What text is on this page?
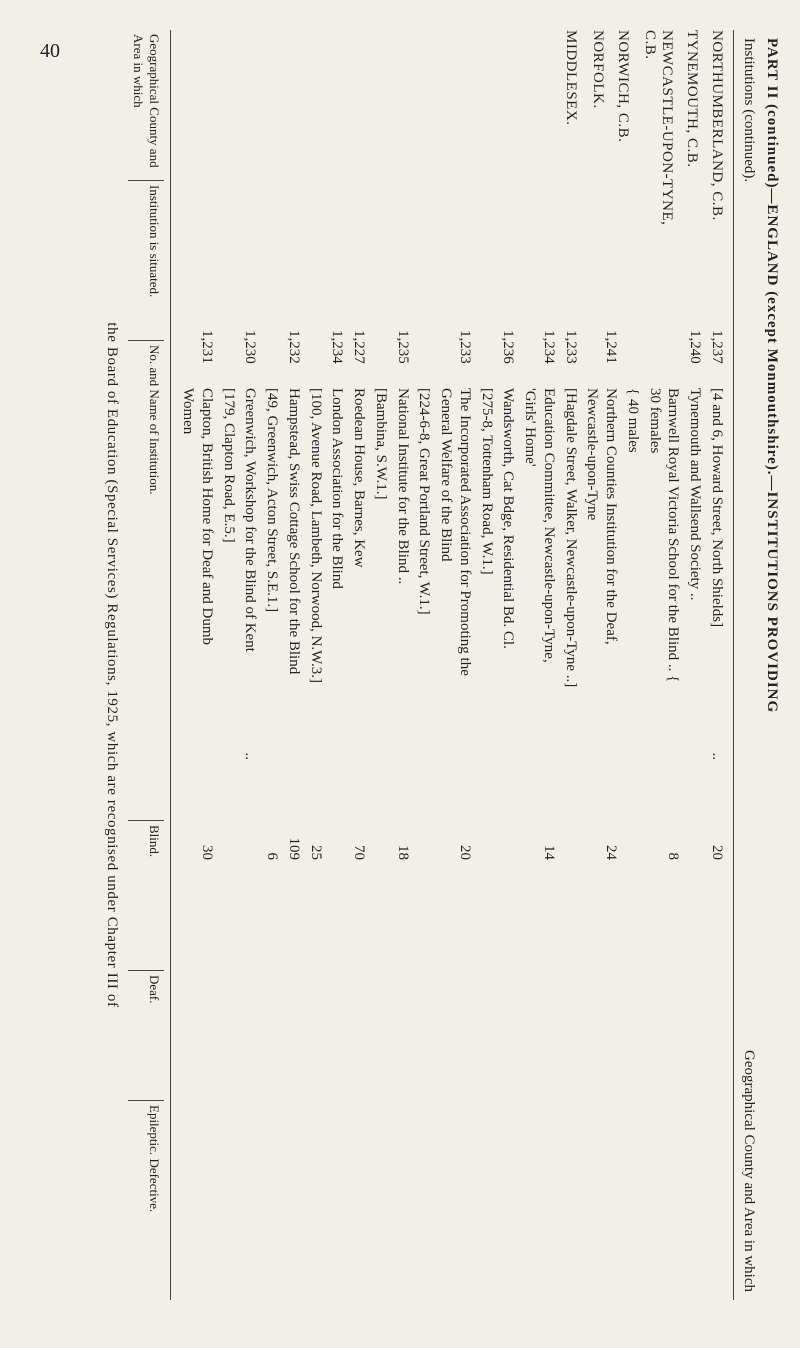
40	PART II (continued)—ENGLAND (except Monmouthshire).—INSTITUTIONS PROVIDING
Institutions (continued).
Geographical County and Area in which
NORTHUMBERLAND, C.B.
TYNEMOUTH, C.B.
NEWCASTLE-UPON-TYNE, C.B.
NORWICH, C.B.
NORFOLK.
MIDDLESEX.
1,237
[4 and 6, Howard Street, North Shields]
..
20
1,240
Tynemouth and Wallsend Society ..
Barnwell Royal Victoria School for the Blind .. { 30 females
8
{ 40 males
1,241
Northern Counties Institution for the Deaf, Newcastle-upon-Tyne
24
1,233
[Hagdale Street, Walker, Newcastle-upon-Tyne ..]
1,234
Education Committee, Newcastle-upon-Tyne, 'Girls' Home'
14
1,236
Wandsworth, Cat Bdge, Residential Bd. Cl.
[275-8, Tottenham Road, W.1.]
1,233
The Incorporated Association for Promoting the General Welfare of the Blind
20
[224-6-8, Great Portland Street, W.1.]
1,235
National Institute for the Blind ..
18
[Bambina, S.W.1.]
1,227
Roedean House, Barnes, Kew
70
1,234
London Association for the Blind
[100, Avenue Road, Lambeth, Norwood, N.W.3.]
25
1,232
Hampstead, Swiss Cottage School for the Blind
109
[49, Greenwich, Acton Street, S.E.1.]
6
1,230
Greenwich, Workshop for the Blind of Kent
..
[179, Clapton Road, E.5.]
1,231
Clapton, British Home for Deaf and Dumb Women
30
Geographical County and Area in which
Institution is situated.
No. and Name of Institution.
Blind.
Deaf.
Epileptic. Defective.
the Board of Education (Special Services) Regulations, 1925, which are recognised under Chapter III of
